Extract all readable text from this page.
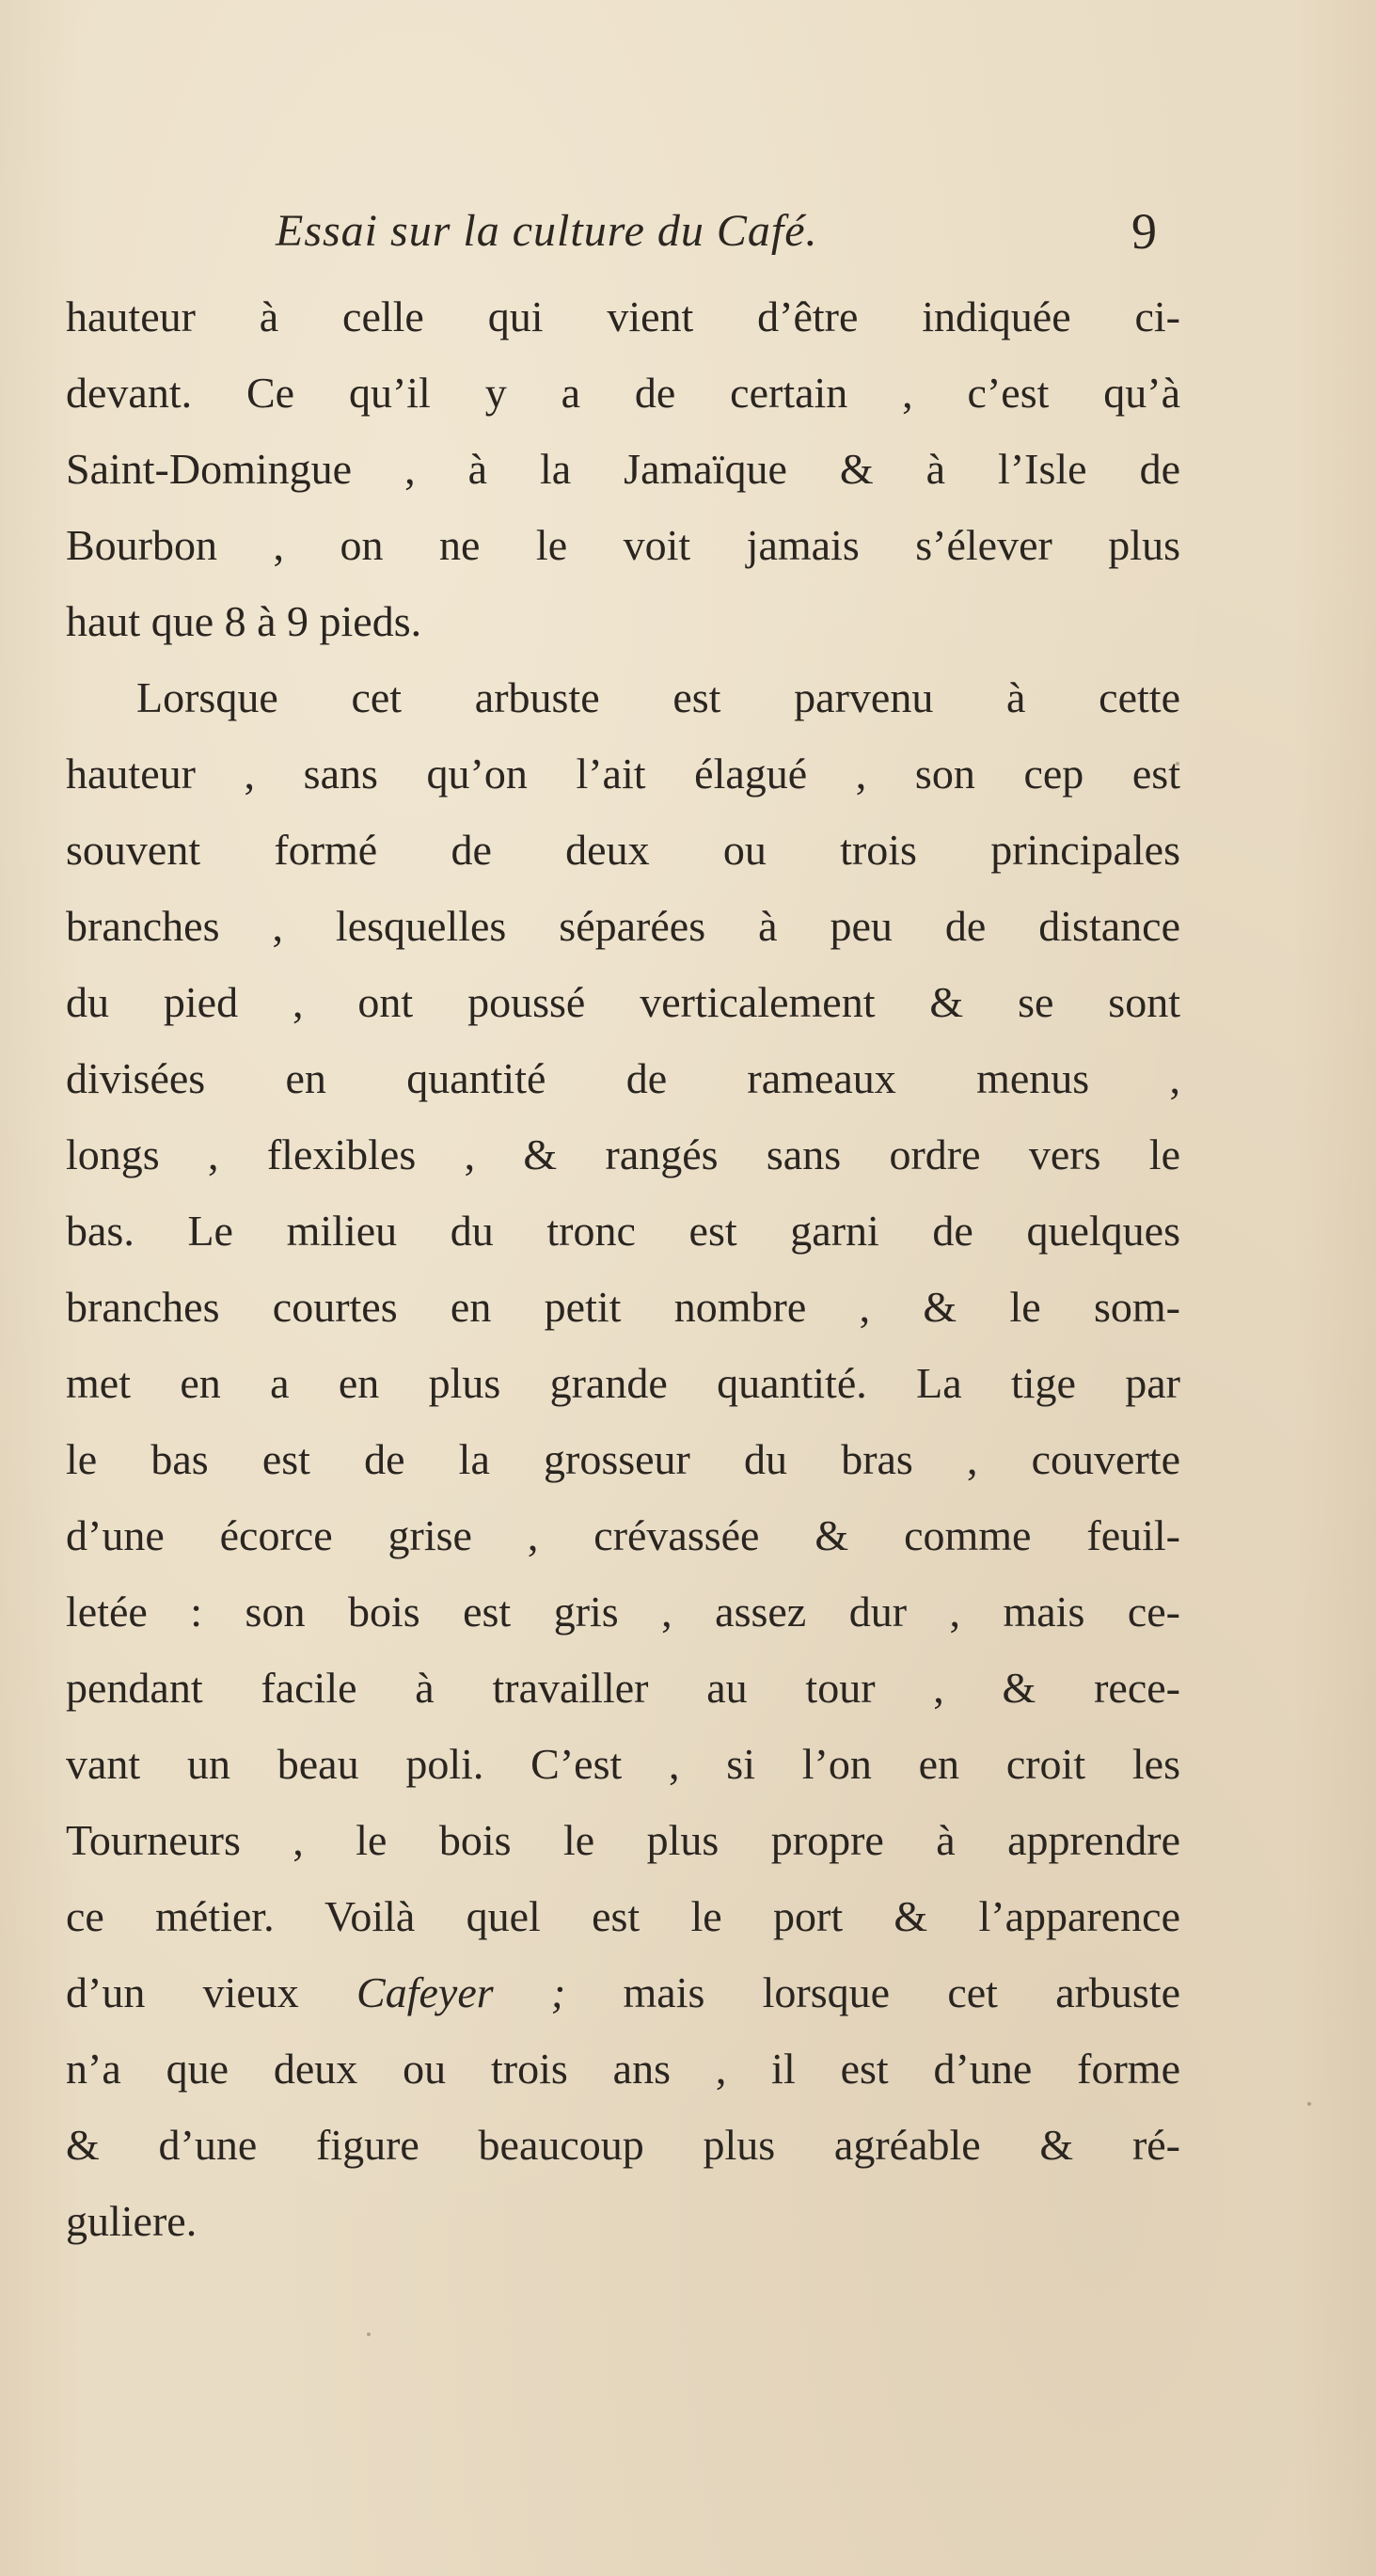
Essai sur la culture du Café.	9
hauteur à celle qui vient d’être indiquée ci-
devant. Ce qu’il y a de certain , c’est qu’à
Saint-Domingue , à la Jamaïque & à l’Isle de
Bourbon , on ne le voit jamais s’élever plus
haut que 8 à 9 pieds.
Lorsque cet arbuste est parvenu à cette
hauteur , sans qu’on l’ait élagué , son cep est
souvent formé de deux ou trois principales
branches , lesquelles séparées à peu de distance
du pied , ont poussé verticalement & se sont
divisées en quantité de rameaux menus ,
longs , flexibles , & rangés sans ordre vers le
bas. Le milieu du tronc est garni de quelques
branches courtes en petit nombre , & le som-
met en a en plus grande quantité. La tige par
le bas est de la grosseur du bras , couverte
d’une écorce grise , crévassée & comme feuil-
letée : son bois est gris , assez dur , mais ce-
pendant facile à travailler au tour , & rece-
vant un beau poli. C’est , si l’on en croit les
Tourneurs , le bois le plus propre à apprendre
ce métier. Voilà quel est le port & l’apparence
d’un vieux Cafeyer ; mais lorsque cet arbuste
n’a que deux ou trois ans , il est d’une forme
& d’une figure beaucoup plus agréable & ré-
guliere.
